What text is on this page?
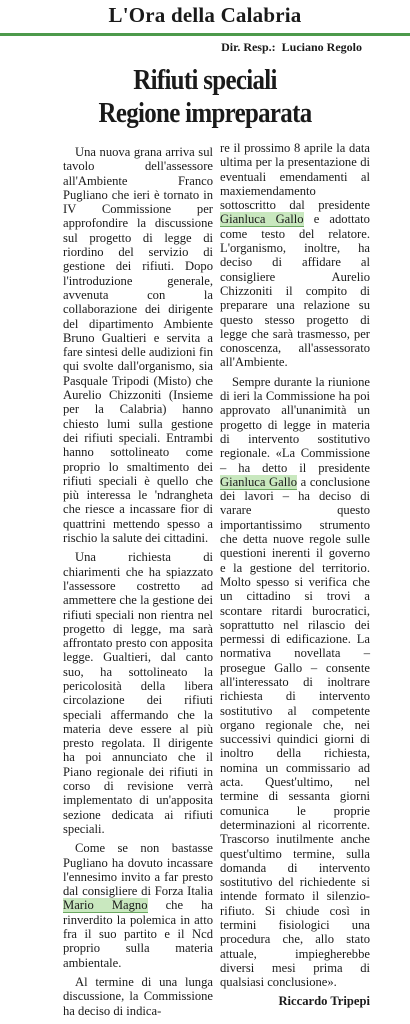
L'Ora della Calabria
Dir. Resp.: Luciano Regolo
Rifiuti speciali
Regione impreparata

Una nuova grana arriva sul tavolo dell'assessore all'Ambiente Franco Pugliano che ieri è tornato in IV Commissione per approfondire la discussione sul progetto di legge di riordino del servizio di gestione dei rifiuti. Dopo l'introduzione generale, avvenuta con la collaborazione dei dirigente del dipartimento Ambiente Bruno Gualtieri e servita a fare sintesi delle audizioni fin qui svolte dall'organismo, sia Pasquale Tripodi (Misto) che Aurelio Chizzoniti (Insieme per la Calabria) hanno chiesto lumi sulla gestione dei rifiuti speciali. Entrambi hanno sottolineato come proprio lo smaltimento dei rifiuti speciali è quello che più interessa le 'ndrangheta che riesce a incassare fior di quattrini mettendo spesso a rischio la salute dei cittadini.

Una richiesta di chiarimenti che ha spiazzato l'assessore costretto ad ammettere che la gestione dei rifiuti speciali non rientra nel progetto di legge, ma sarà affrontato presto con apposita legge. Gualtieri, dal canto suo, ha sottolineato la pericolosità della libera circolazione dei rifiuti speciali affermando che la materia deve essere al più presto regolata. Il dirigente ha poi annunciato che il Piano regionale dei rifiuti in corso di revisione verrà implementato di un'apposita sezione dedicata ai rifiuti speciali.

Come se non bastasse Pugliano ha dovuto incassare l'ennesimo invito a far presto dal consigliere di Forza Italia Mario Magno che ha rinverdito la polemica in atto fra il suo partito e il Ncd proprio sulla materia ambientale.

Al termine di una lunga discussione, la Commissione ha deciso di indica-

re il prossimo 8 aprile la data ultima per la presentazione di eventuali emendamenti al maxiemendamento sottoscritto dal presidente Gianluca Gallo e adottato come testo del relatore. L'organismo, inoltre, ha deciso di affidare al consigliere Aurelio Chizzoniti il compito di preparare una relazione su questo stesso progetto di legge che sarà trasmesso, per conoscenza, all'assessorato all'Ambiente.

Sempre durante la riunione di ieri la Commissione ha poi approvato all'unanimità un progetto di legge in materia di intervento sostitutivo regionale. «La Commissione – ha detto il presidente Gianluca Gallo a conclusione dei lavori – ha deciso di varare questo importantissimo strumento che detta nuove regole sulle questioni inerenti il governo e la gestione del territorio. Molto spesso si verifica che un cittadino si trovi a scontare ritardi burocratici, soprattutto nel rilascio dei permessi di edificazione. La normativa novellata – prosegue Gallo – consente all'interessato di inoltrare richiesta di intervento sostitutivo al competente organo regionale che, nei successivi quindici giorni di inoltro della richiesta, nomina un commissario ad acta. Quest'ultimo, nel termine di sessanta giorni comunica le proprie determinazioni al ricorrente. Trascorso inutilmente anche quest'ultimo termine, sulla domanda di intervento sostitutivo del richiedente si intende formato il silenzio-rifiuto. Si chiude così in termini fisiologici una procedura che, allo stato attuale, impiegherebbe diversi mesi prima di qualsiasi conclusione».

Riccardo Tripepi
